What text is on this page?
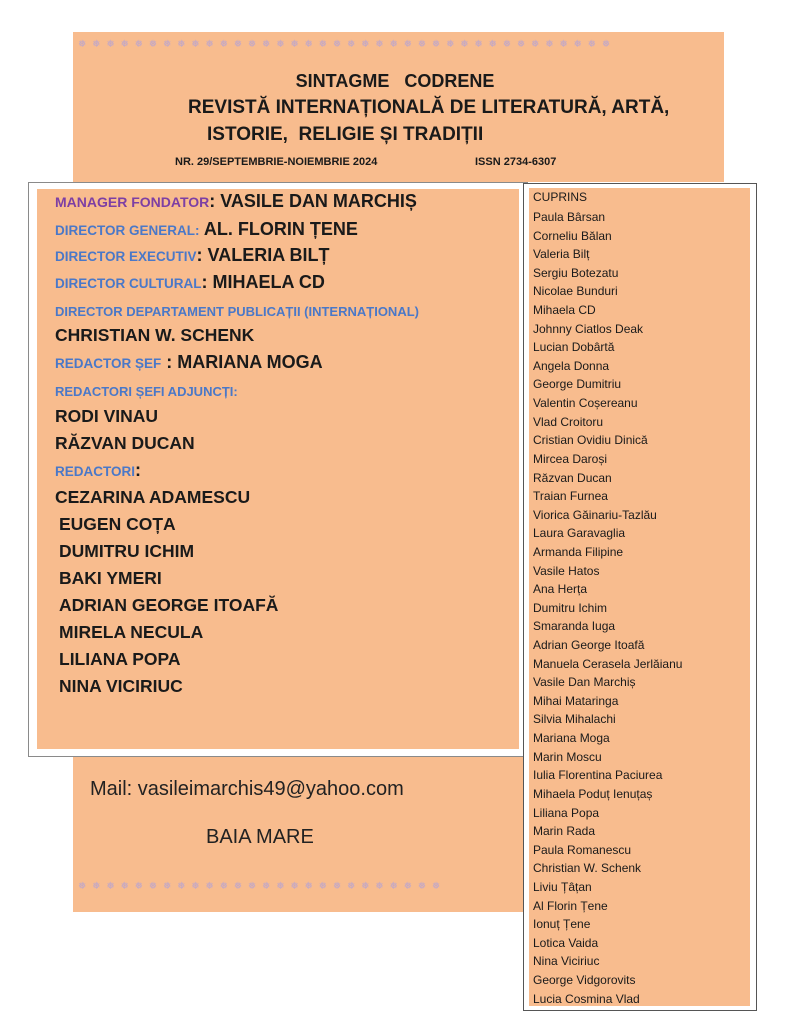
❅ ❅ ❅ ❅ ❅ ❅ ❅ ❅ ❅ ❅ ❅ ❅ ❅ ❅ ❅ ❅ ❅ ❅ ❅ ❅ ❅ ❅ ❅ ❅ ❅ ❅ ❅ ❅ ❅ ❅ ❅ ❅ ❅ ❅ ❅ ❅ ❅ ❅
SINTAGME   CODRENE
REVISTĂ INTERNAȚIONALĂ DE LITERATURĂ, ARTĂ,
ISTORIE,  RELIGIE ȘI TRADIȚII
NR. 29/SEPTEMBRIE-NOIEMBRIE 2024	ISSN 2734-6307
Mail: vasileimarchis49@yahoo.com
BAIA MARE
❅ ❅ ❅ ❅ ❅ ❅ ❅ ❅ ❅ ❅ ❅ ❅ ❅ ❅ ❅ ❅ ❅ ❅ ❅ ❅ ❅ ❅ ❅ ❅ ❅ ❅
MANAGER FONDATOR: VASILE DAN MARCHIȘ
DIRECTOR GENERAL: AL. FLORIN ȚENE
DIRECTOR EXECUTIV: VALERIA BILȚ
DIRECTOR CULTURAL: MIHAELA CD
DIRECTOR DEPARTAMENT PUBLICAȚII (INTERNAȚIONAL)
CHRISTIAN W. SCHENK
REDACTOR ȘEF : MARIANA MOGA
REDACTORI ȘEFI ADJUNCȚI:
RODI VINAU
RĂZVAN DUCAN
REDACTORI:
CEZARINA ADAMESCU
EUGEN COȚA
DUMITRU ICHIM
BAKI YMERI
ADRIAN GEORGE ITOAFĂ
MIRELA NECULA
LILIANA POPA
NINA VICIRIUC
CUPRINS
Paula Bârsan
Corneliu Bălan
Valeria Bilț
Sergiu Botezatu
Nicolae Bunduri
Mihaela CD
Johnny Ciatlos Deak
Lucian Dobârtă
Angela Donna
George Dumitriu
Valentin Coșereanu
Vlad Croitoru
Cristian Ovidiu Dinică
Mircea Daroși
Răzvan Ducan
Traian Furnea
Viorica Găinariu-Tazlău
Laura Garavaglia
Armanda Filipine
Vasile Hatos
Ana Herța
Dumitru Ichim
Smaranda Iuga
Adrian George Itoafă
Manuela Cerasela Jerlăianu
Vasile Dan Marchiș
Mihai Mataringa
Silvia Mihalachi
Mariana Moga
Marin Moscu
Iulia Florentina Paciurea
Mihaela Poduț Ienuțaș
Liliana Popa
Marin Rada
Paula Romanescu
Christian W. Schenk
Liviu Țâțan
Al Florin Țene
Ionuț Țene
Lotica Vaida
Nina Viciriuc
George Vidgorovits
Lucia Cosmina Vlad
